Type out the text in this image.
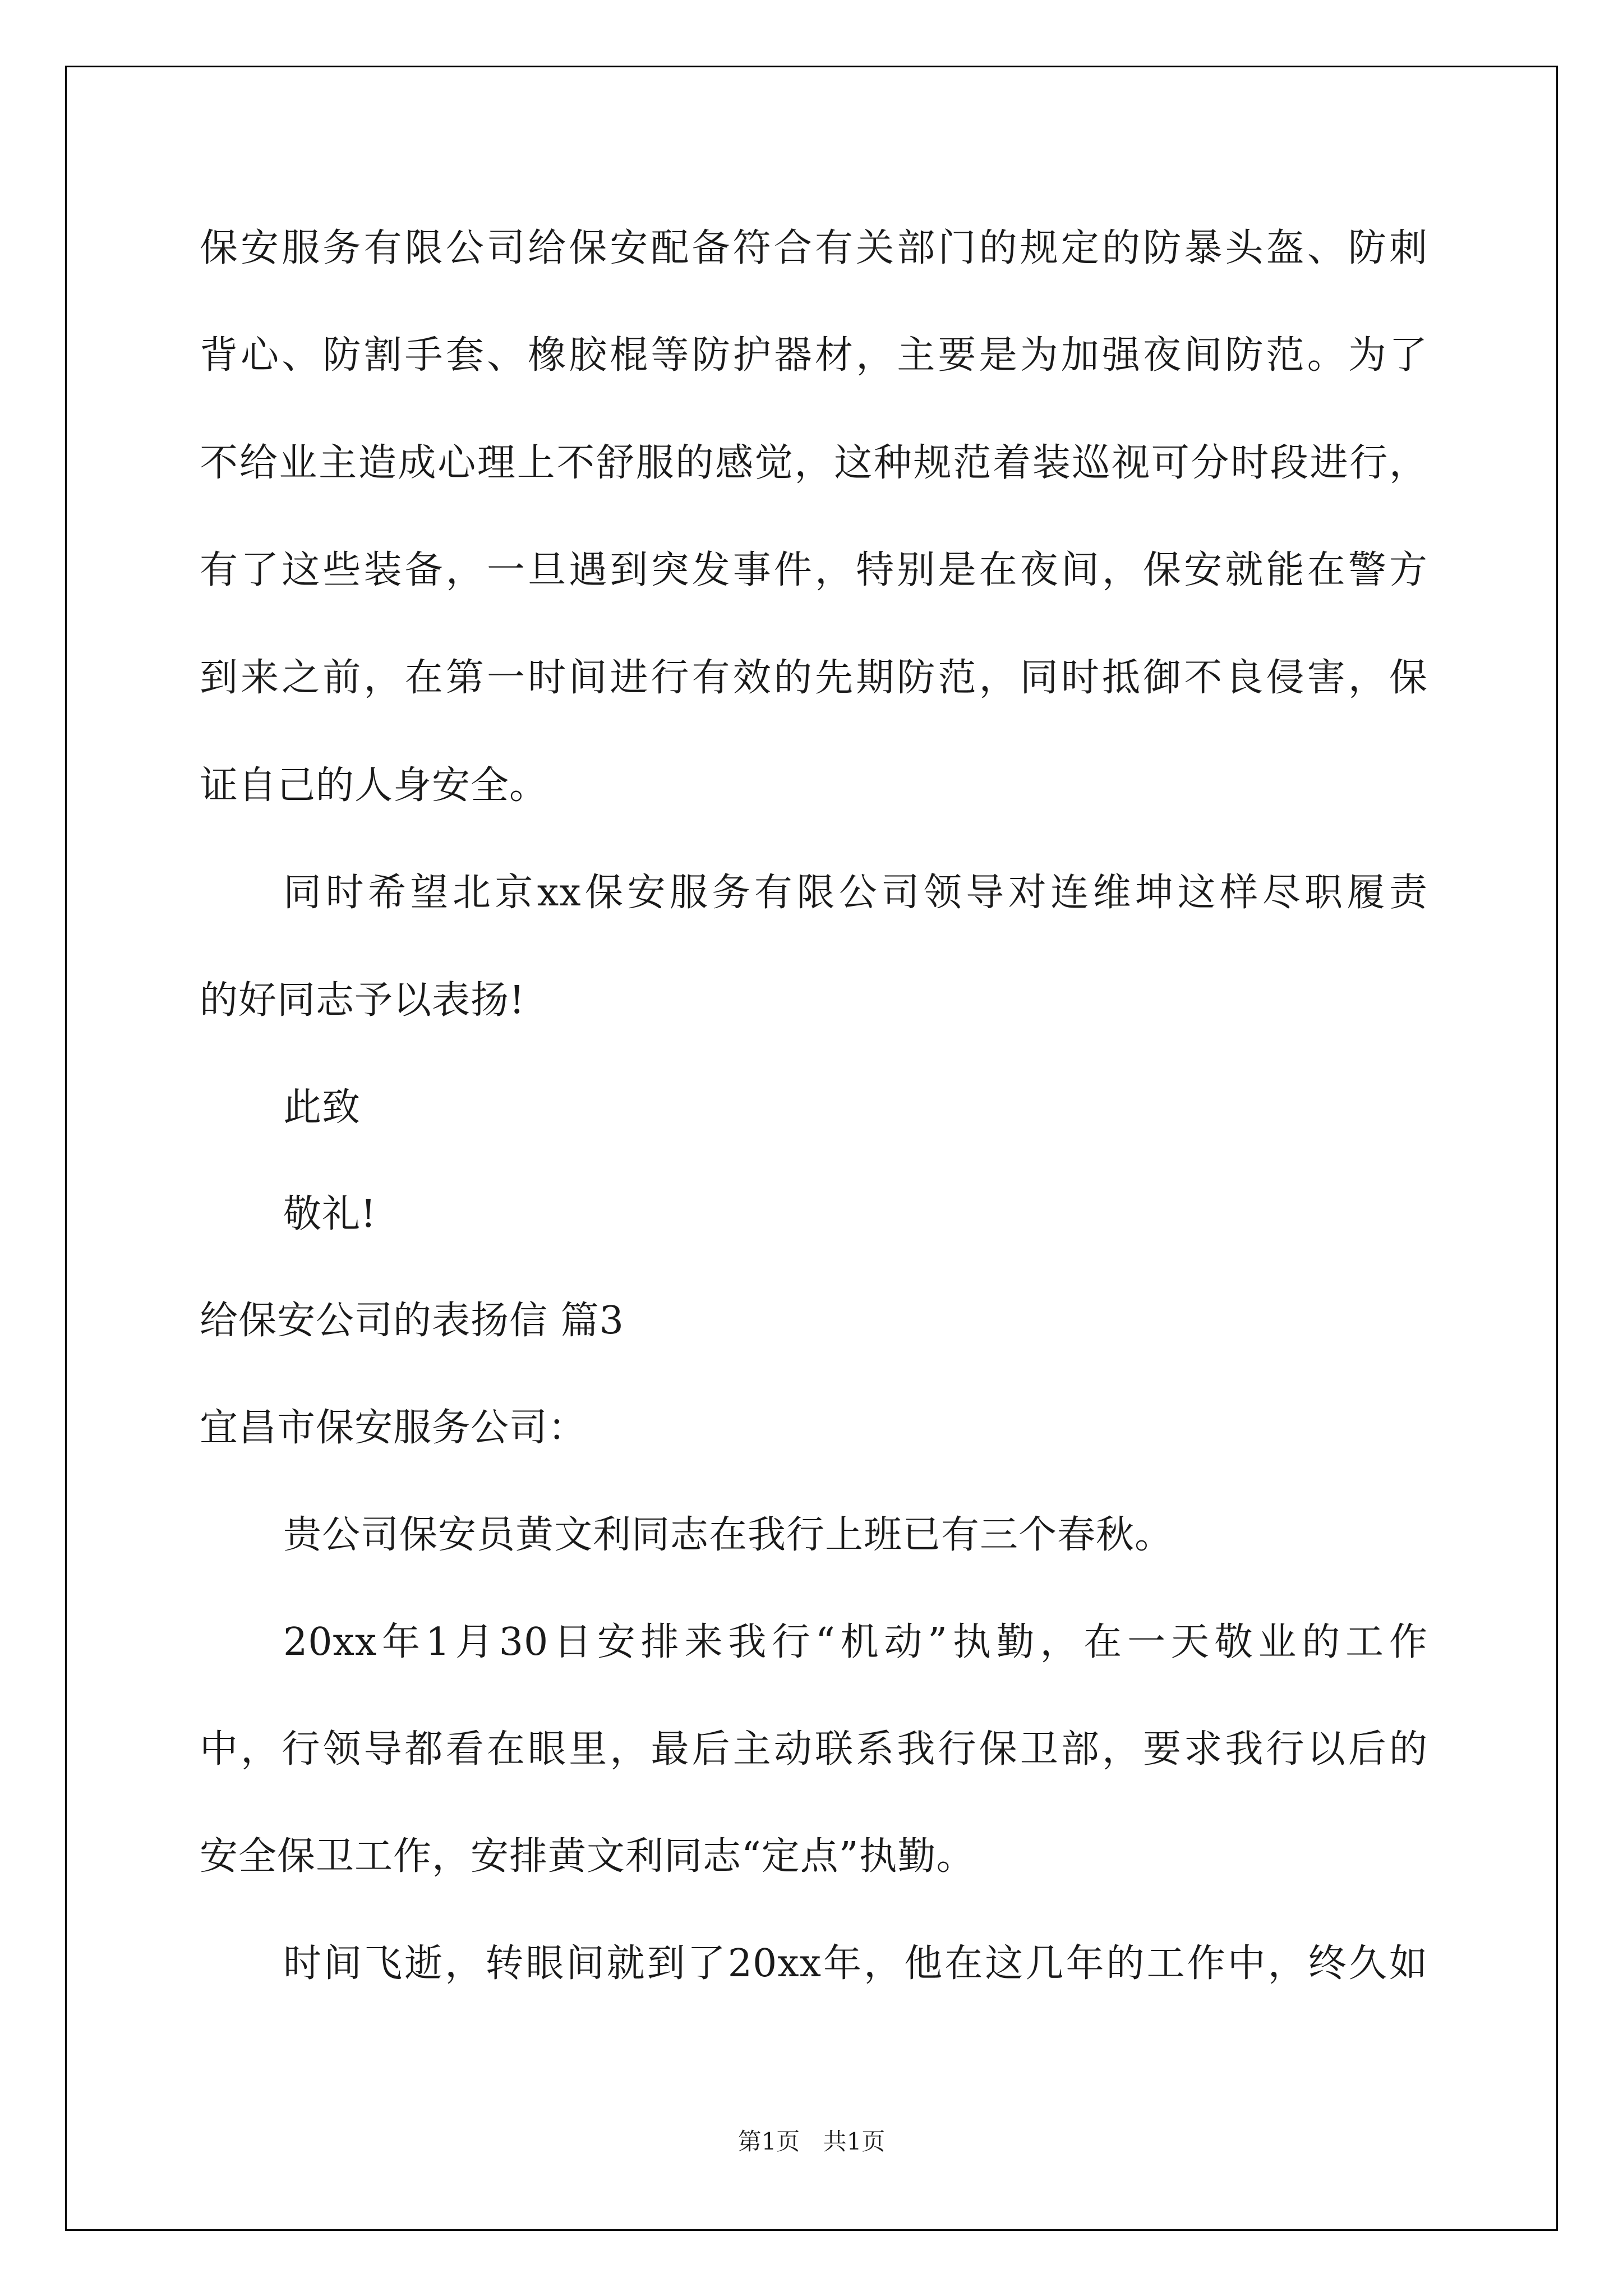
保安服务有限公司给保安配备符合有关部门的规定的防暴头盔、防刺
背心、防割手套、橡胶棍等防护器材，主要是为加强夜间防范。为了
不给业主造成心理上不舒服的感觉，这种规范着装巡视可分时段进行，
有了这些装备，一旦遇到突发事件，特别是在夜间，保安就能在警方
到来之前，在第一时间进行有效的先期防范，同时抵御不良侵害，保
证自己的人身安全。
同时希望北京xx保安服务有限公司领导对连维坤这样尽职履责
的好同志予以表扬!
此致
敬礼!
给保安公司的表扬信 篇3
宜昌市保安服务公司：
贵公司保安员黄文利同志在我行上班已有三个春秋。
20xx年1月30日安排来我行“机动”执勤，在一天敬业的工作
中，行领导都看在眼里，最后主动联系我行保卫部，要求我行以后的
安全保卫工作，安排黄文利同志“定点”执勤。
时间飞逝，转眼间就到了20xx年，他在这几年的工作中，终久如
第1页 共1页
